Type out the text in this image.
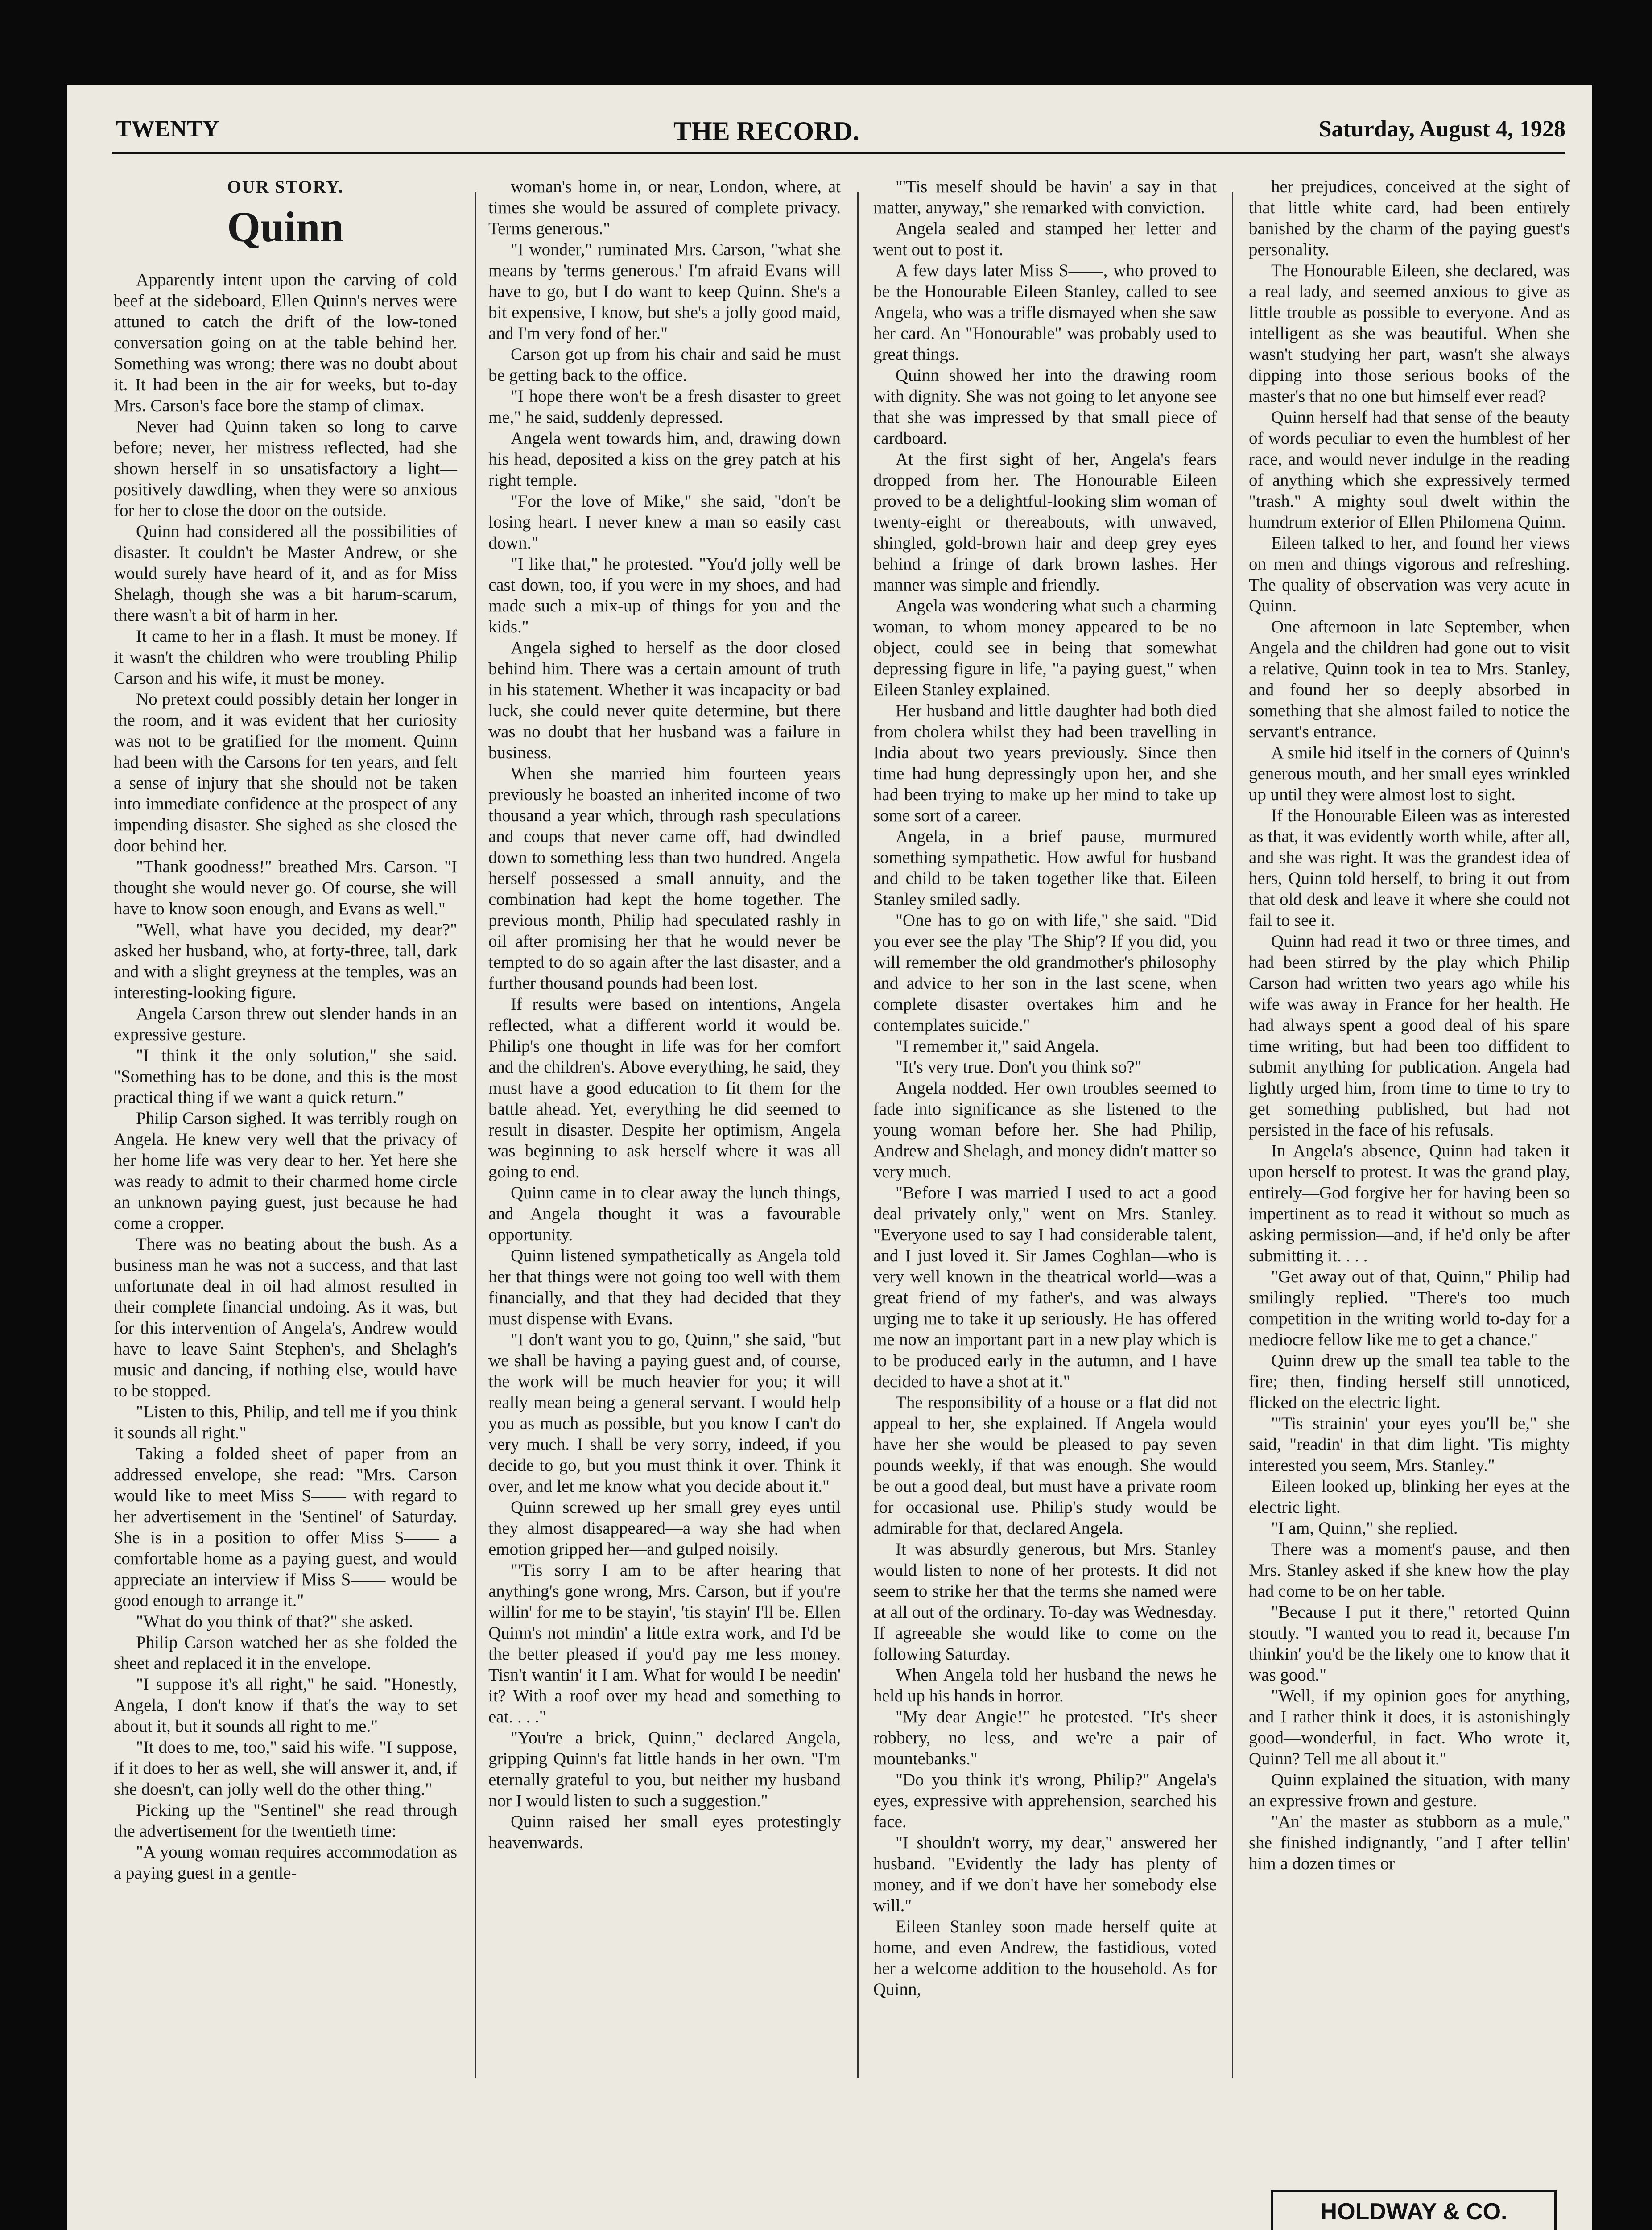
TWENTY	THE RECORD.	Saturday, August 4, 1928
OUR STORY.
Quinn

Apparently intent upon the carving of cold beef at the sideboard, Ellen Quinn's nerves were attuned to catch the drift of the low-toned conversation going on at the table behind her. Something was wrong; there was no doubt about it. It had been in the air for weeks, but to-day Mrs. Carson's face bore the stamp of climax.

Never had Quinn taken so long to carve before; never, her mistress reflected, had she shown herself in so unsatisfactory a light—positively dawdling, when they were so anxious for her to close the door on the outside.

Quinn had considered all the possibilities of disaster. It couldn't be Master Andrew, or she would surely have heard of it, and as for Miss Shelagh, though she was a bit harum-scarum, there wasn't a bit of harm in her.

It came to her in a flash. It must be money. If it wasn't the children who were troubling Philip Carson and his wife, it must be money.

No pretext could possibly detain her longer in the room, and it was evident that her curiosity was not to be gratified for the moment. Quinn had been with the Carsons for ten years, and felt a sense of injury that she should not be taken into immediate confidence at the prospect of any impending disaster. She sighed as she closed the door behind her.

"Thank goodness!" breathed Mrs. Carson. "I thought she would never go. Of course, she will have to know soon enough, and Evans as well."

"Well, what have you decided, my dear?" asked her husband, who, at forty-three, tall, dark and with a slight greyness at the temples, was an interesting-looking figure.

Angela Carson threw out slender hands in an expressive gesture.

"I think it the only solution," she said. "Something has to be done, and this is the most practical thing if we want a quick return."

Philip Carson sighed. It was terribly rough on Angela. He knew very well that the privacy of her home life was very dear to her. Yet here she was ready to admit to their charmed home circle an unknown paying guest, just because he had come a cropper.

There was no beating about the bush. As a business man he was not a success, and that last unfortunate deal in oil had almost resulted in their complete financial undoing. As it was, but for this intervention of Angela's, Andrew would have to leave Saint Stephen's, and Shelagh's music and dancing, if nothing else, would have to be stopped.

"Listen to this, Philip, and tell me if you think it sounds all right."

Taking a folded sheet of paper from an addressed envelope, she read: "Mrs. Carson would like to meet Miss S—— with regard to her advertisement in the 'Sentinel' of Saturday. She is in a position to offer Miss S—— a comfortable home as a paying guest, and would appreciate an interview if Miss S—— would be good enough to arrange it."

"What do you think of that?" she asked.

Philip Carson watched her as she folded the sheet and replaced it in the envelope.

"I suppose it's all right," he said. "Honestly, Angela, I don't know if that's the way to set about it, but it sounds all right to me."

"It does to me, too," said his wife. "I suppose, if it does to her as well, she will answer it, and, if she doesn't, can jolly well do the other thing."

Picking up the "Sentinel" she read through the advertisement for the twentieth time:

"A young woman requires accommodation as a paying guest in a gentle-

woman's home in, or near, London, where, at times she would be assured of complete privacy. Terms generous."

"I wonder," ruminated Mrs. Carson, "what she means by 'terms generous.' I'm afraid Evans will have to go, but I do want to keep Quinn. She's a bit expensive, I know, but she's a jolly good maid, and I'm very fond of her."

Carson got up from his chair and said he must be getting back to the office.

"I hope there won't be a fresh disaster to greet me," he said, suddenly depressed.

Angela went towards him, and, drawing down his head, deposited a kiss on the grey patch at his right temple.

"For the love of Mike," she said, "don't be losing heart. I never knew a man so easily cast down."

"I like that," he protested. "You'd jolly well be cast down, too, if you were in my shoes, and had made such a mix-up of things for you and the kids."

Angela sighed to herself as the door closed behind him. There was a certain amount of truth in his statement. Whether it was incapacity or bad luck, she could never quite determine, but there was no doubt that her husband was a failure in business.

When she married him fourteen years previously he boasted an inherited income of two thousand a year which, through rash speculations and coups that never came off, had dwindled down to something less than two hundred. Angela herself possessed a small annuity, and the combination had kept the home together. The previous month, Philip had speculated rashly in oil after promising her that he would never be tempted to do so again after the last disaster, and a further thousand pounds had been lost.

If results were based on intentions, Angela reflected, what a different world it would be. Philip's one thought in life was for her comfort and the children's. Above everything, he said, they must have a good education to fit them for the battle ahead. Yet, everything he did seemed to result in disaster. Despite her optimism, Angela was beginning to ask herself where it was all going to end.

Quinn came in to clear away the lunch things, and Angela thought it was a favourable opportunity.

Quinn listened sympathetically as Angela told her that things were not going too well with them financially, and that they had decided that they must dispense with Evans.

"I don't want you to go, Quinn," she said, "but we shall be having a paying guest and, of course, the work will be much heavier for you; it will really mean being a general servant. I would help you as much as possible, but you know I can't do very much. I shall be very sorry, indeed, if you decide to go, but you must think it over. Think it over, and let me know what you decide about it."

Quinn screwed up her small grey eyes until they almost disappeared—a way she had when emotion gripped her—and gulped noisily.

"'Tis sorry I am to be after hearing that anything's gone wrong, Mrs. Carson, but if you're willin' for me to be stayin', 'tis stayin' I'll be. Ellen Quinn's not mindin' a little extra work, and I'd be the better pleased if you'd pay me less money. Tisn't wantin' it I am. What for would I be needin' it? With a roof over my head and something to eat. . . ."

"You're a brick, Quinn," declared Angela, gripping Quinn's fat little hands in her own. "I'm eternally grateful to you, but neither my husband nor I would listen to such a suggestion."

Quinn raised her small eyes protestingly heavenwards.

"'Tis meself should be havin' a say in that matter, anyway," she remarked with conviction.

Angela sealed and stamped her letter and went out to post it.

A few days later Miss S——, who proved to be the Honourable Eileen Stanley, called to see Angela, who was a trifle dismayed when she saw her card. An "Honourable" was probably used to great things.

Quinn showed her into the drawing room with dignity. She was not going to let anyone see that she was impressed by that small piece of cardboard.

At the first sight of her, Angela's fears dropped from her. The Honourable Eileen proved to be a delightful-looking slim woman of twenty-eight or thereabouts, with unwaved, shingled, gold-brown hair and deep grey eyes behind a fringe of dark brown lashes. Her manner was simple and friendly.

Angela was wondering what such a charming woman, to whom money appeared to be no object, could see in being that somewhat depressing figure in life, "a paying guest," when Eileen Stanley explained.

Her husband and little daughter had both died from cholera whilst they had been travelling in India about two years previously. Since then time had hung depressingly upon her, and she had been trying to make up her mind to take up some sort of a career.

Angela, in a brief pause, murmured something sympathetic. How awful for husband and child to be taken together like that. Eileen Stanley smiled sadly.

"One has to go on with life," she said. "Did you ever see the play 'The Ship'? If you did, you will remember the old grandmother's philosophy and advice to her son in the last scene, when complete disaster overtakes him and he contemplates suicide."

"I remember it," said Angela.

"It's very true. Don't you think so?"

Angela nodded. Her own troubles seemed to fade into significance as she listened to the young woman before her. She had Philip, Andrew and Shelagh, and money didn't matter so very much.

"Before I was married I used to act a good deal privately only," went on Mrs. Stanley. "Everyone used to say I had considerable talent, and I just loved it. Sir James Coghlan—who is very well known in the theatrical world—was a great friend of my father's, and was always urging me to take it up seriously. He has offered me now an important part in a new play which is to be produced early in the autumn, and I have decided to have a shot at it."

The responsibility of a house or a flat did not appeal to her, she explained. If Angela would have her she would be pleased to pay seven pounds weekly, if that was enough. She would be out a good deal, but must have a private room for occasional use. Philip's study would be admirable for that, declared Angela.

It was absurdly generous, but Mrs. Stanley would listen to none of her protests. It did not seem to strike her that the terms she named were at all out of the ordinary. To-day was Wednesday. If agreeable she would like to come on the following Saturday.

When Angela told her husband the news he held up his hands in horror.

"My dear Angie!" he protested. "It's sheer robbery, no less, and we're a pair of mountebanks."

"Do you think it's wrong, Philip?" Angela's eyes, expressive with apprehension, searched his face.

"I shouldn't worry, my dear," answered her husband. "Evidently the lady has plenty of money, and if we don't have her somebody else will."

Eileen Stanley soon made herself quite at home, and even Andrew, the fastidious, voted her a welcome addition to the household. As for Quinn,

her prejudices, conceived at the sight of that little white card, had been entirely banished by the charm of the paying guest's personality.

The Honourable Eileen, she declared, was a real lady, and seemed anxious to give as little trouble as possible to everyone. And as intelligent as she was beautiful. When she wasn't studying her part, wasn't she always dipping into those serious books of the master's that no one but himself ever read?

Quinn herself had that sense of the beauty of words peculiar to even the humblest of her race, and would never indulge in the reading of anything which she expressively termed "trash." A mighty soul dwelt within the humdrum exterior of Ellen Philomena Quinn.

Eileen talked to her, and found her views on men and things vigorous and refreshing. The quality of observation was very acute in Quinn.

One afternoon in late September, when Angela and the children had gone out to visit a relative, Quinn took in tea to Mrs. Stanley, and found her so deeply absorbed in something that she almost failed to notice the servant's entrance.

A smile hid itself in the corners of Quinn's generous mouth, and her small eyes wrinkled up until they were almost lost to sight.

If the Honourable Eileen was as interested as that, it was evidently worth while, after all, and she was right. It was the grandest idea of hers, Quinn told herself, to bring it out from that old desk and leave it where she could not fail to see it.

Quinn had read it two or three times, and had been stirred by the play which Philip Carson had written two years ago while his wife was away in France for her health. He had always spent a good deal of his spare time writing, but had been too diffident to submit anything for publication. Angela had lightly urged him, from time to time to try to get something published, but had not persisted in the face of his refusals.

In Angela's absence, Quinn had taken it upon herself to protest. It was the grand play, entirely—God forgive her for having been so impertinent as to read it without so much as asking permission—and, if he'd only be after submitting it. . . .

"Get away out of that, Quinn," Philip had smilingly replied. "There's too much competition in the writing world to-day for a mediocre fellow like me to get a chance."

Quinn drew up the small tea table to the fire; then, finding herself still unnoticed, flicked on the electric light.

"'Tis strainin' your eyes you'll be," she said, "readin' in that dim light. 'Tis mighty interested you seem, Mrs. Stanley."

Eileen looked up, blinking her eyes at the electric light.

"I am, Quinn," she replied.

There was a moment's pause, and then Mrs. Stanley asked if she knew how the play had come to be on her table.

"Because I put it there," retorted Quinn stoutly. "I wanted you to read it, because I'm thinkin' you'd be the likely one to know that it was good."

"Well, if my opinion goes for anything, and I rather think it does, it is astonishingly good—wonderful, in fact. Who wrote it, Quinn? Tell me all about it."

Quinn explained the situation, with many an expressive frown and gesture.

"An' the master as stubborn as a mule," she finished indignantly, "and I after tellin' him a dozen times or

HOLDWAY & CO.
